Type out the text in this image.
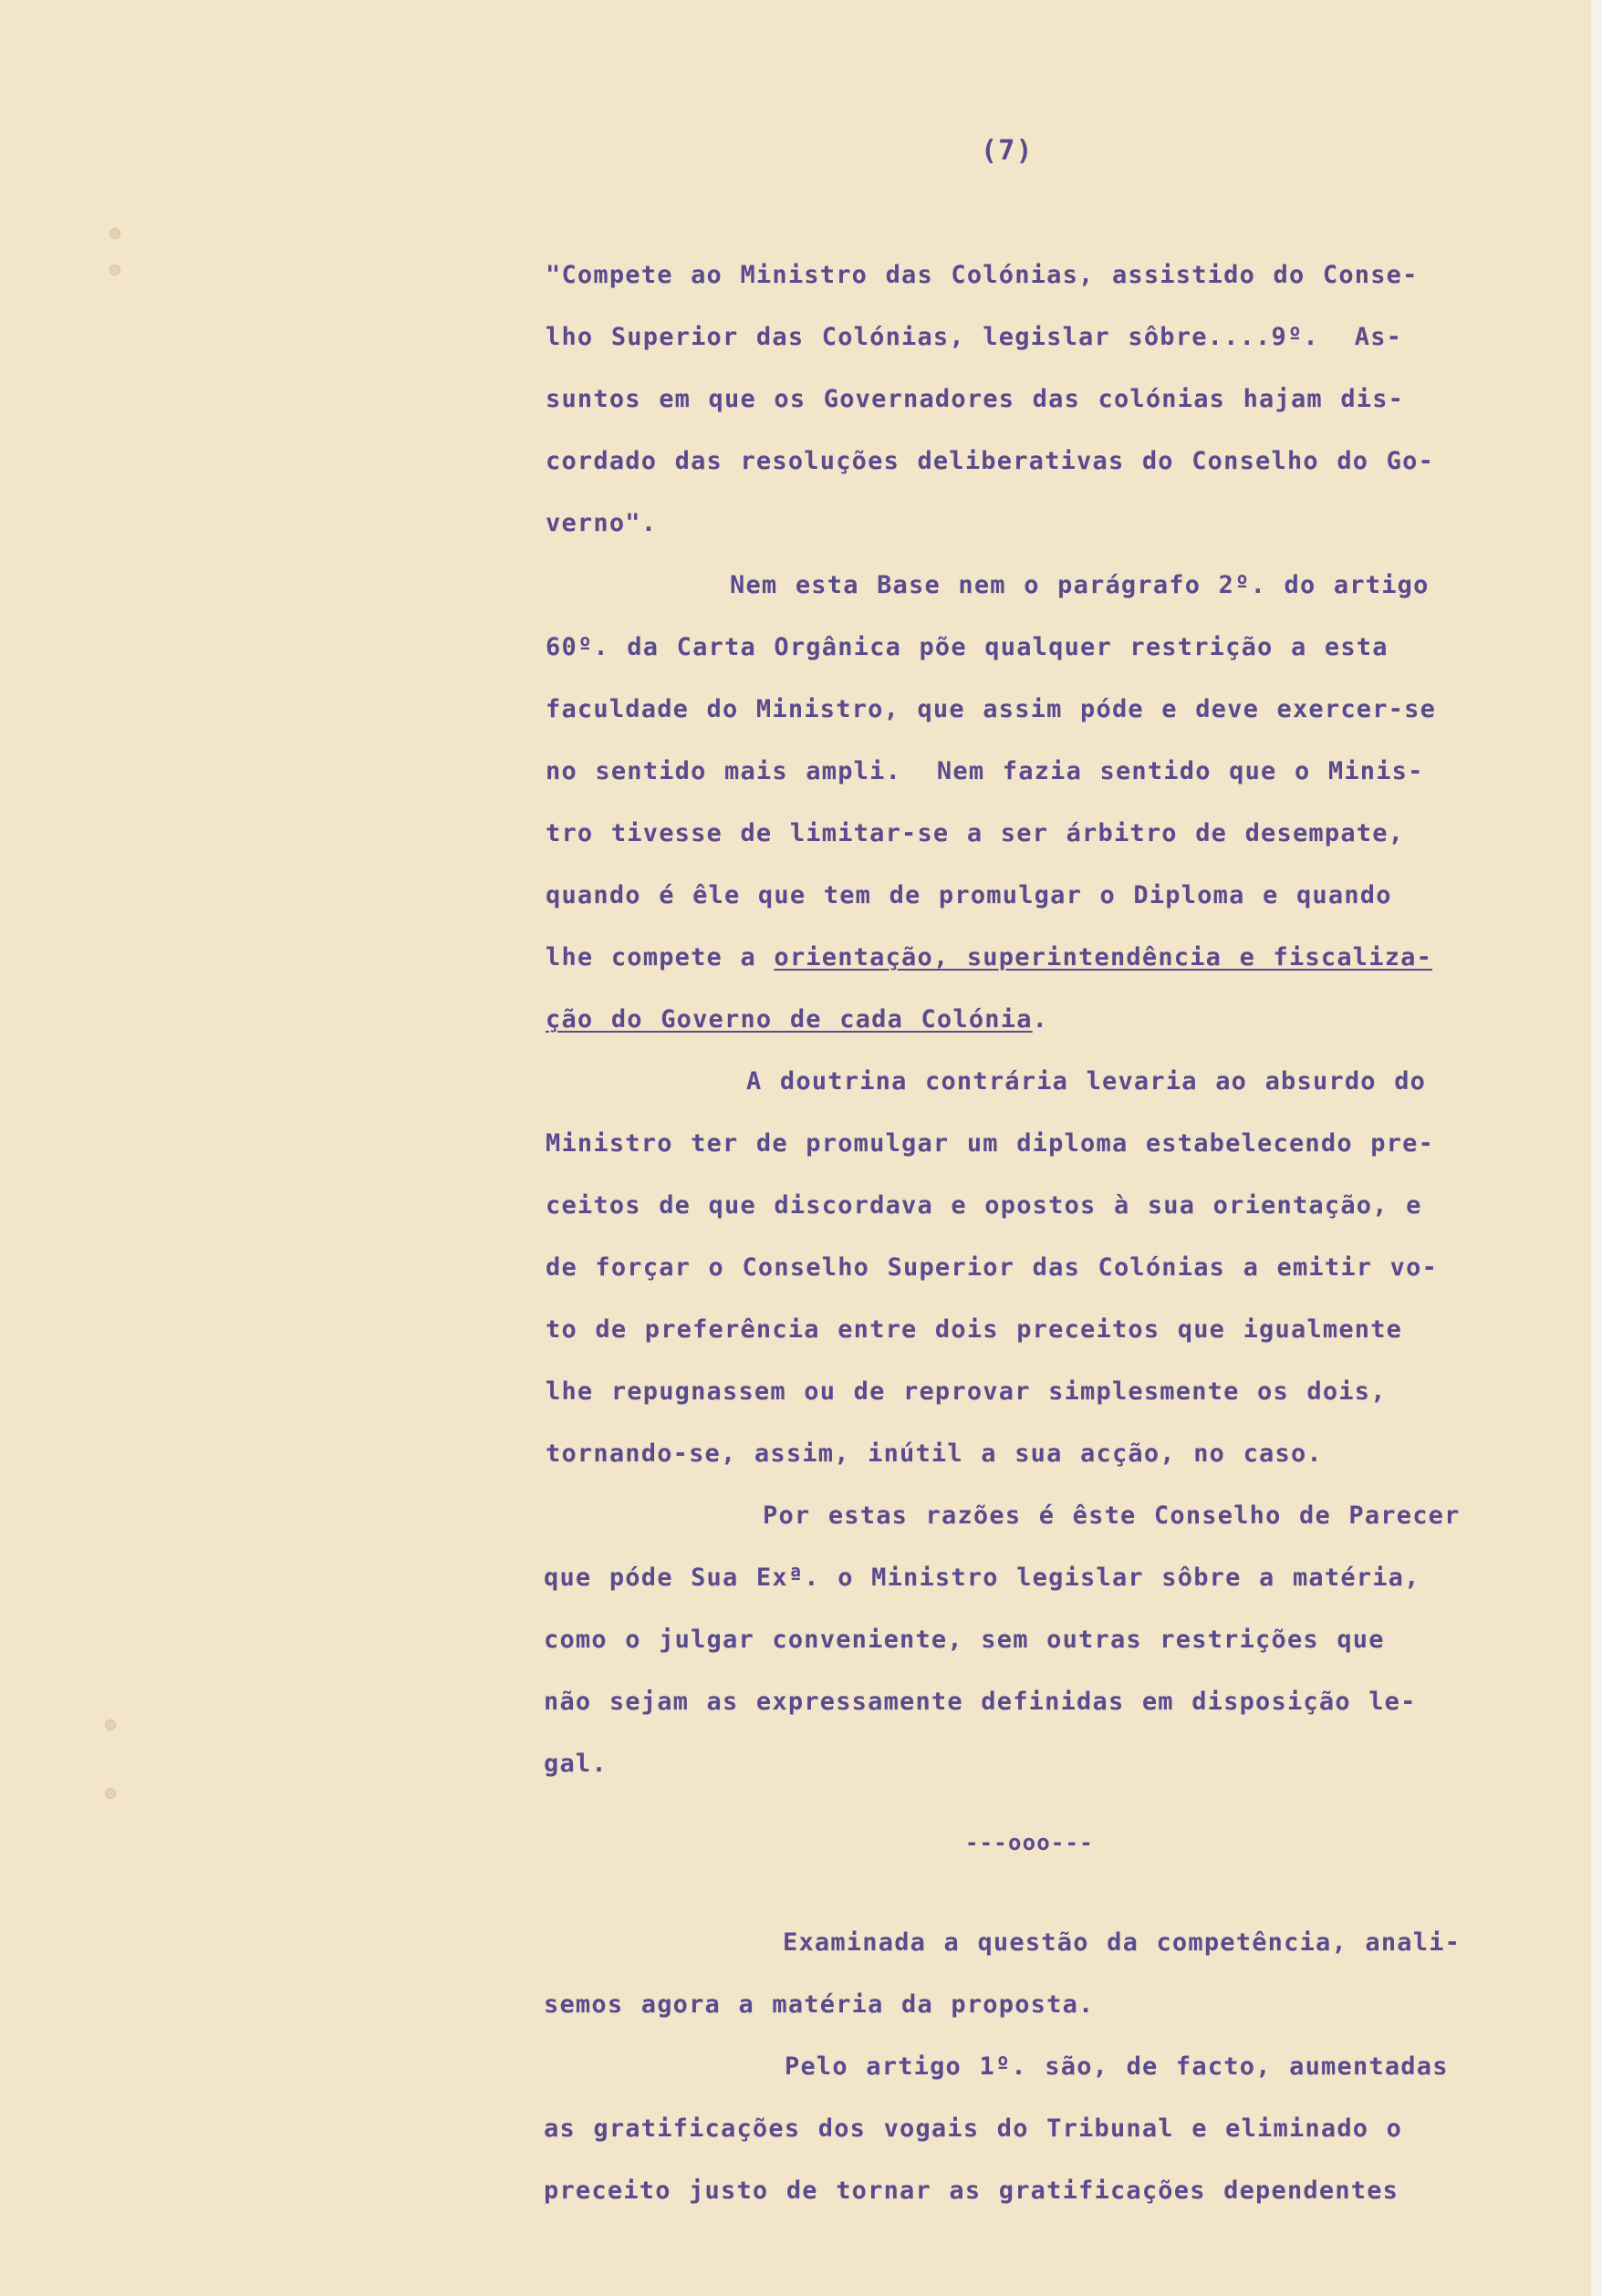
(7)
"Compete ao Ministro das Colónias, assistido do Conse-
lho Superior das Colónias, legislar sôbre....9º.  As-
suntos em que os Governadores das colónias hajam dis-
cordado das resoluções deliberativas do Conselho do Go-
verno".
Nem esta Base nem o parágrafo 2º. do artigo
60º. da Carta Orgânica põe qualquer restrição a esta
faculdade do Ministro, que assim póde e deve exercer-se
no sentido mais ampli.  Nem fazia sentido que o Minis-
tro tivesse de limitar-se a ser árbitro de desempate,
quando é êle que tem de promulgar o Diploma e quando
lhe compete a orientação, superintendência e fiscaliza-
ção do Governo de cada Colónia.
A doutrina contrária levaria ao absurdo do
Ministro ter de promulgar um diploma estabelecendo pre-
ceitos de que discordava e opostos à sua orientação, e
de forçar o Conselho Superior das Colónias a emitir vo-
to de preferência entre dois preceitos que igualmente
lhe repugnassem ou de reprovar simplesmente os dois,
tornando-se, assim, inútil a sua acção, no caso.
Por estas razões é êste Conselho de Parecer
que póde Sua Exª. o Ministro legislar sôbre a matéria,
como o julgar conveniente, sem outras restrições que
não sejam as expressamente definidas em disposição le-
gal.
---ooo---
Examinada a questão da competência, anali-
semos agora a matéria da proposta.
Pelo artigo 1º. são, de facto, aumentadas
as gratificações dos vogais do Tribunal e eliminado o
preceito justo de tornar as gratificações dependentes
